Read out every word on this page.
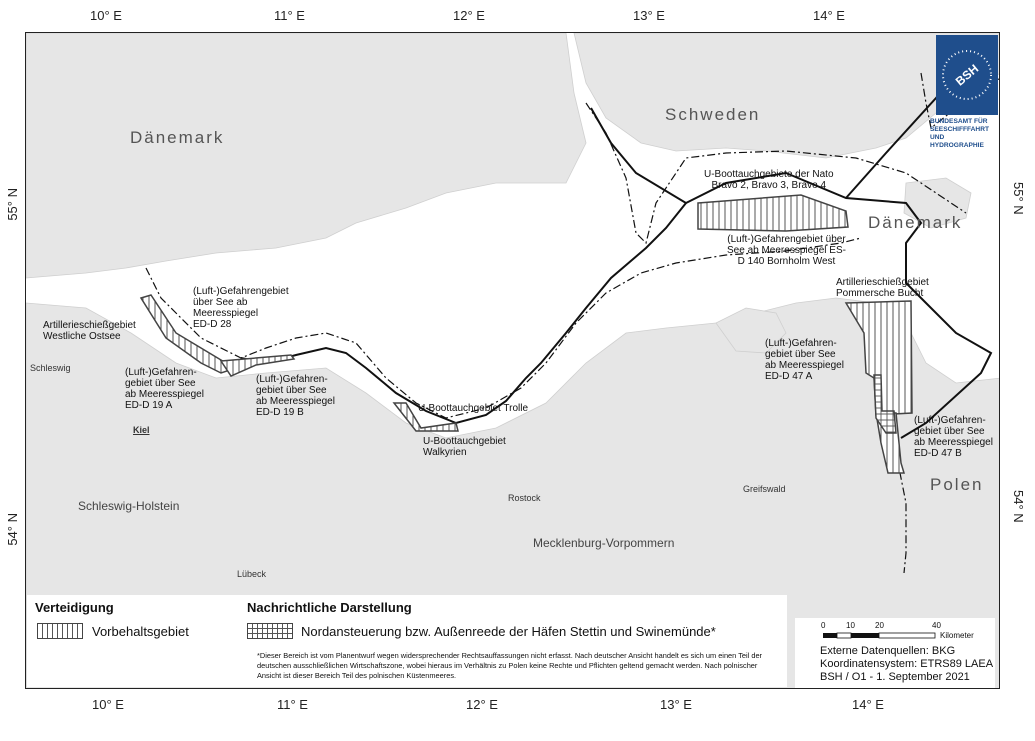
10° E	11° E	12° E	13° E	14° E
10° E	11° E	12° E	13° E	14° E
55° N
54° N
55° N
54° N
Dänemark
Schweden
Dänemark
Polen
Schleswig-Holstein
Mecklenburg-Vorpommern
Schleswig
Kiel
Rostock
Greifswald
Lübeck
U-Boottauchgebiete der Nato
Bravo 2, Bravo 3, Bravo 4
(Luft-)Gefahrengebiet über
See ab Meeresspiegel ES-
D 140 Bornholm West
Artillerieschießgebiet
Pommersche Bucht
(Luft-)Gefahren-
gebiet über See
ab Meeresspiegel
ED-D 47 A
(Luft-)Gefahren-
gebiet über See
ab Meeresspiegel
ED-D 47 B
(Luft-)Gefahrengebiet
über See ab
Meeresspiegel
ED-D 28
Artillerieschießgebiet
Westliche Ostsee
(Luft-)Gefahren-
gebiet über See
ab Meeresspiegel
ED-D 19 A
(Luft-)Gefahren-
gebiet über See
ab Meeresspiegel
ED-D 19 B	U-Boottauchgebiet Trolle
U-Boottauchgebiet
Walkyrien
BSH
BUNDESAMT FÜR
SEESCHIFFFAHRT
UND
HYDROGRAPHIE
Verteidigung
Vorbehaltsgebiet
Nachrichtliche Darstellung
Nordansteuerung bzw. Außenreede der Häfen Stettin und Swinemünde*
*Dieser Bereich ist vom Planentwurf wegen widersprechender Rechtsauffassungen nicht erfasst. Nach deutscher Ansicht handelt es sich um einen Teil der deutschen ausschließlichen Wirtschaftszone, wobei hieraus im Verhältnis zu Polen keine Rechte und Pflichten geltend gemacht werden. Nach polnischer Ansicht ist dieser Bereich Teil des polnischen Küstenmeeres.
0	10	20	40
Kilometer
Externe Datenquellen: BKG
Koordinatensystem: ETRS89 LAEA
BSH / O1 - 1. September 2021
